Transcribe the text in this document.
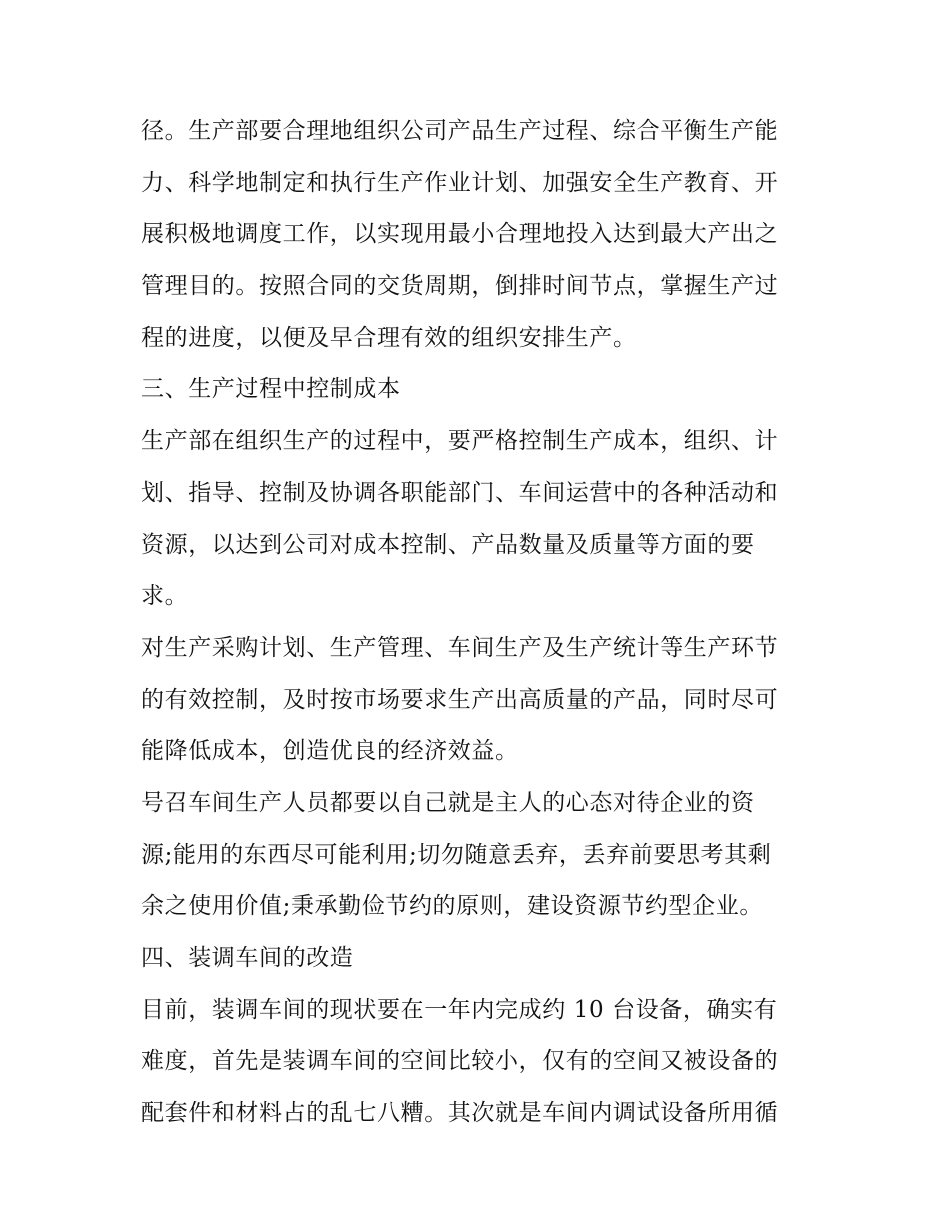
径。生产部要合理地组织公司产品生产过程、综合平衡生产能
力、科学地制定和执行生产作业计划、加强安全生产教育、开
展积极地调度工作，以实现用最小合理地投入达到最大产出之
管理目的。按照合同的交货周期，倒排时间节点，掌握生产过
程的进度，以便及早合理有效的组织安排生产。
三、生产过程中控制成本
生产部在组织生产的过程中，要严格控制生产成本，组织、计
划、指导、控制及协调各职能部门、车间运营中的各种活动和
资源，以达到公司对成本控制、产品数量及质量等方面的要
求。
对生产采购计划、生产管理、车间生产及生产统计等生产环节
的有效控制，及时按市场要求生产出高质量的产品，同时尽可
能降低成本，创造优良的经济效益。
号召车间生产人员都要以自己就是主人的心态对待企业的资
源;能用的东西尽可能利用;切勿随意丢弃，丢弃前要思考其剩
余之使用价值;秉承勤俭节约的原则，建设资源节约型企业。
四、装调车间的改造
目前，装调车间的现状要在一年内完成约 10 台设备，确实有
难度，首先是装调车间的空间比较小，仅有的空间又被设备的
配套件和材料占的乱七八糟。其次就是车间内调试设备所用循
